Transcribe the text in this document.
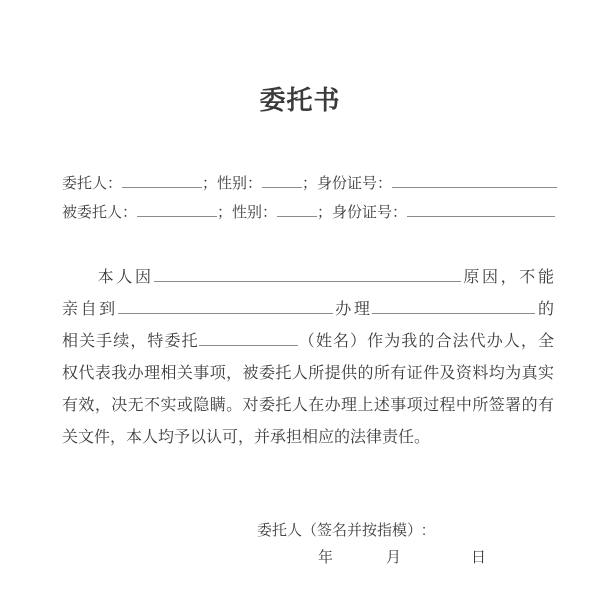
委托书
委托人：	；性别：	；身份证号：
被委托人：	；性别：	；身份证号：
本人因	原因，不能
亲自到	办理	的
相关手续，特委托	（姓名）作为我的合法代办人，全
权代表我办理相关事项，被委托人所提供的所有证件及资料均为真实
有效，决无不实或隐瞒。对委托人在办理上述事项过程中所签署的有
关文件，本人均予以认可，并承担相应的法律责任。
委托人（签名并按指模）:
年	月	日
